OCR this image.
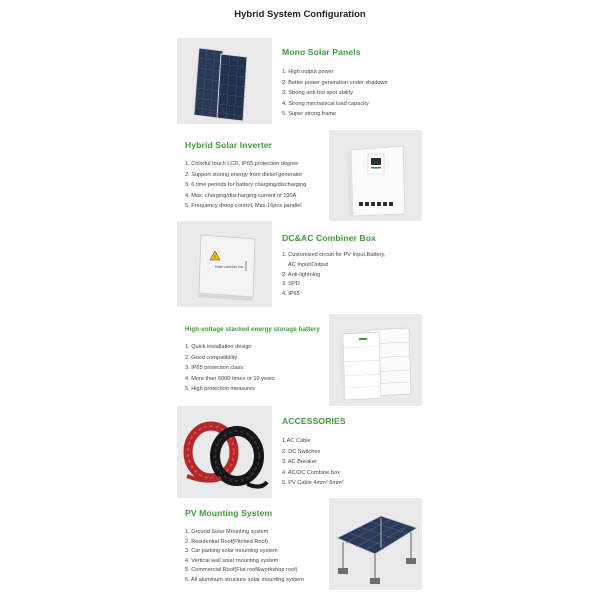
Hybrid System Configuration
Mono Solar Panels
1. High output power
2. Better power generation under shadows
3. Strong anti-hot spot ability
4. Strong mechanical load capacity
5. Super strong frame
Hybrid Solar Inverter
1. Colorful touch LCD, IP65 protection degree
2. Support storing energy from diesel generator
3. 6 time periods for battery charging/discharging
4. Max. charging/discharging current of 190A
5. Frequency droop control, Max.16pcs parallel
!
Smart combiner box
DC&AC Combiner Box
1. Customized circuit for PV Input,Battery,
AC Input/Output
2. Anti-lightning
3. SPD
4. IP65
High-voltage stacked energy storage battery
1. Quick installation design
2. Good compatibility
3. IP65 protection class
4. More than 6000 times or 10 years
5. High protection measures
ACCESSORIES
1.AC Cable
2. DC Switches
3. AC Breaker
4. AC/DC Combine box
5. PV Cable 4mm² 6mm²
PV Mounting System
1. Ground Solar Mounting system
2. Residential Roof(Pitched Roof)
3. Car parking solar mounting system
4. Vertical wall solar mounting system
5. Commercial Roof(Flat roof&workshop roof)
6. All aluminum structure solar mounting system
